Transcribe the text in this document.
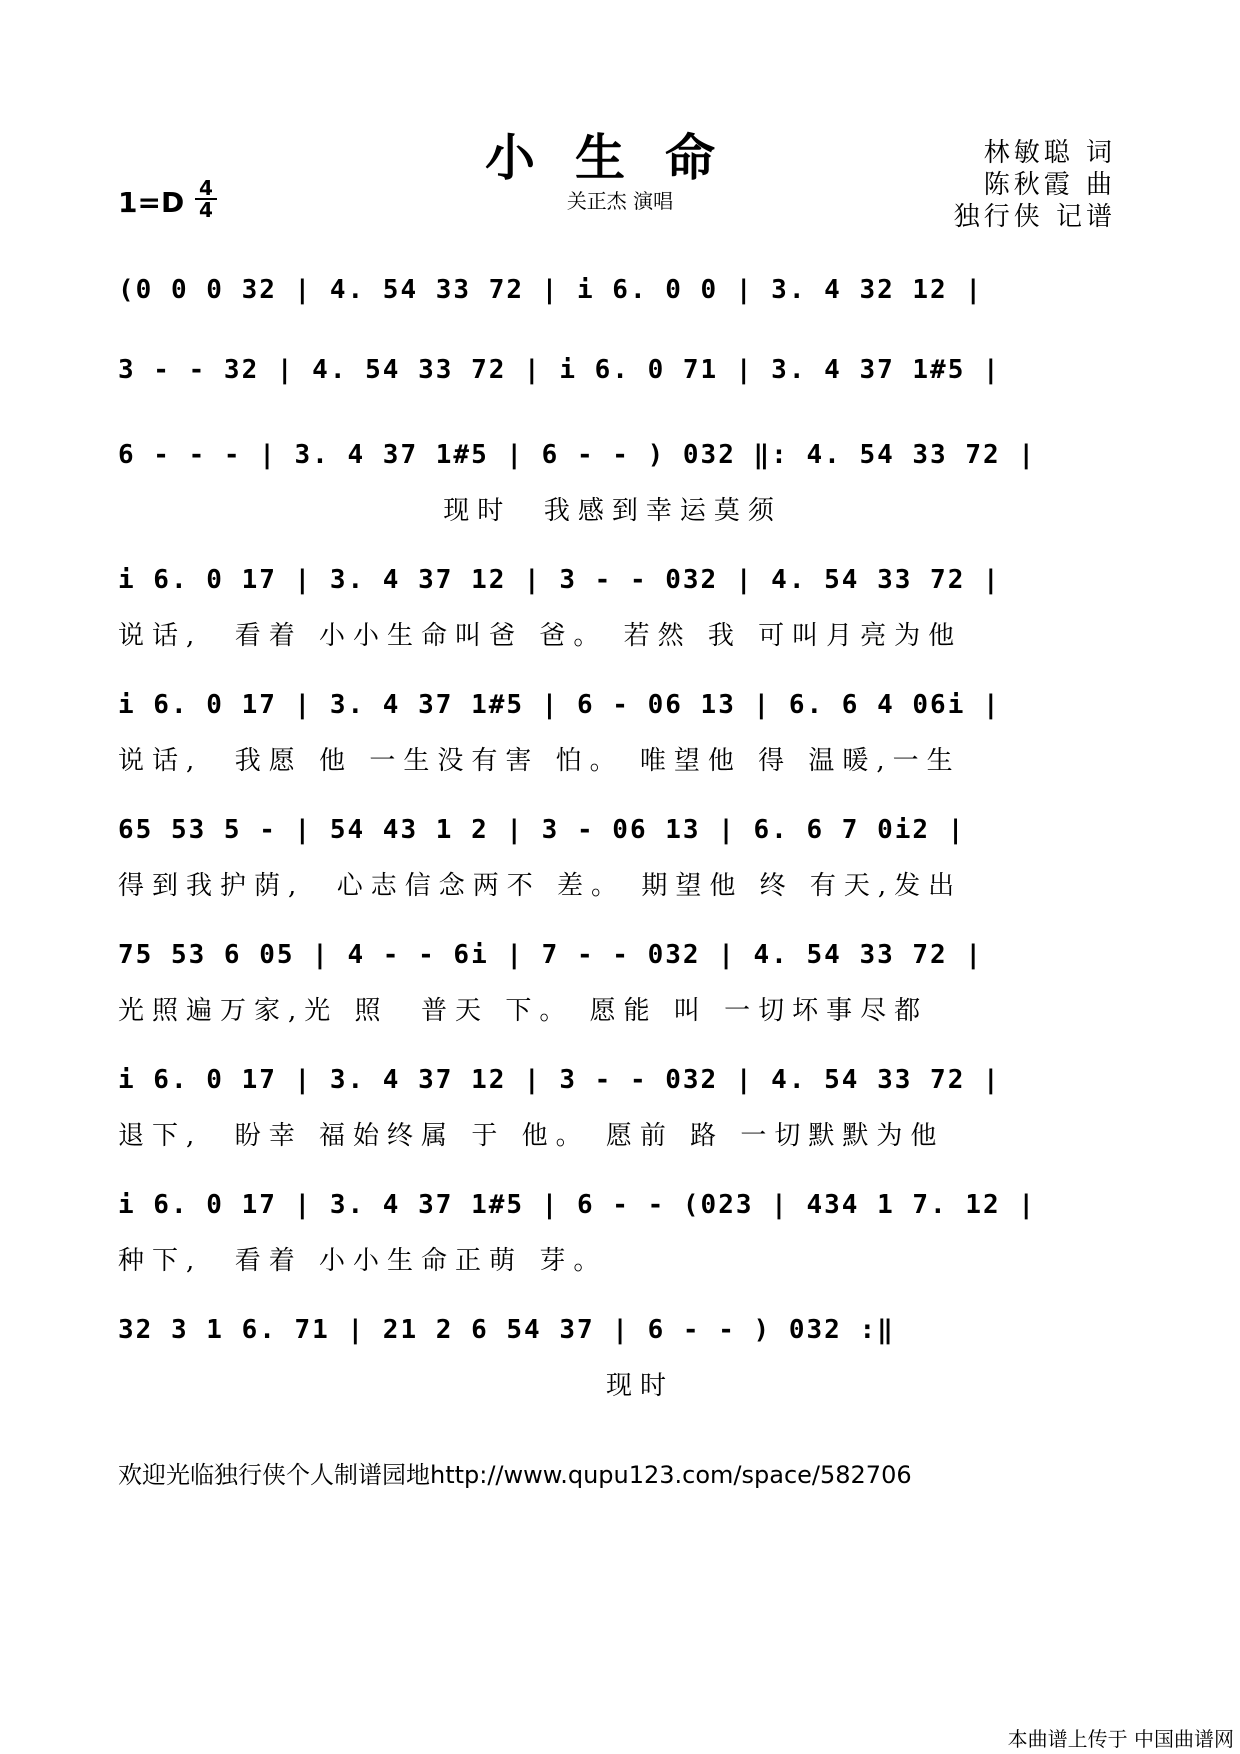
小生命
关正杰 演唱
$1=D \frac{4}{4}$
林敏聪 词
陈秋霞 曲
独行侠 记谱
(0 0 0 32 | 4. 54 33 72 | i 6. 0 0 | 3. 4 32 12 |
3 - - 32 | 4. 54 33 72 | i 6. 0 71 | 3. 4 37 1#5 |
6 - - - | 3. 4 37 1#5 | 6 - - ) 032 ‖: 4. 54 33 72 |
现时  我感到幸运莫须
i 6. 0 17 | 3. 4 37 12 | 3 - - 032 | 4. 54 33 72 |
说话,  看着 小小生命叫爸 爸。 若然 我 可叫月亮为他
i 6. 0 17 | 3. 4 37 1#5 | 6 - 06 13 | 6. 6 4 06i |
说话,  我愿 他 一生没有害 怕。 唯望他 得 温暖,一生
65 53 5 - | 54 43 1 2 | 3 - 06 13 | 6. 6 7 0i2 |
得到我护荫,  心志信念两不 差。 期望他 终 有天,发出
75 53 6 05 | 4 - - 6i | 7 - - 032 | 4. 54 33 72 |
光照遍万家,光 照  普天 下。 愿能 叫 一切坏事尽都
i 6. 0 17 | 3. 4 37 12 | 3 - - 032 | 4. 54 33 72 |
退下,  盼幸 福始终属 于 他。 愿前 路 一切默默为他
i 6. 0 17 | 3. 4 37 1#5 | 6 - - (023 | 434 1 7. 12 |
种下,  看着 小小生命正萌 芽。
32 3 1 6. 71 | 21 2 6 54 37 | 6 - - ) 032 :‖
现时
欢迎光临独行侠个人制谱园地http://www.qupu123.com/space/582706
本曲谱上传于 中国曲谱网
